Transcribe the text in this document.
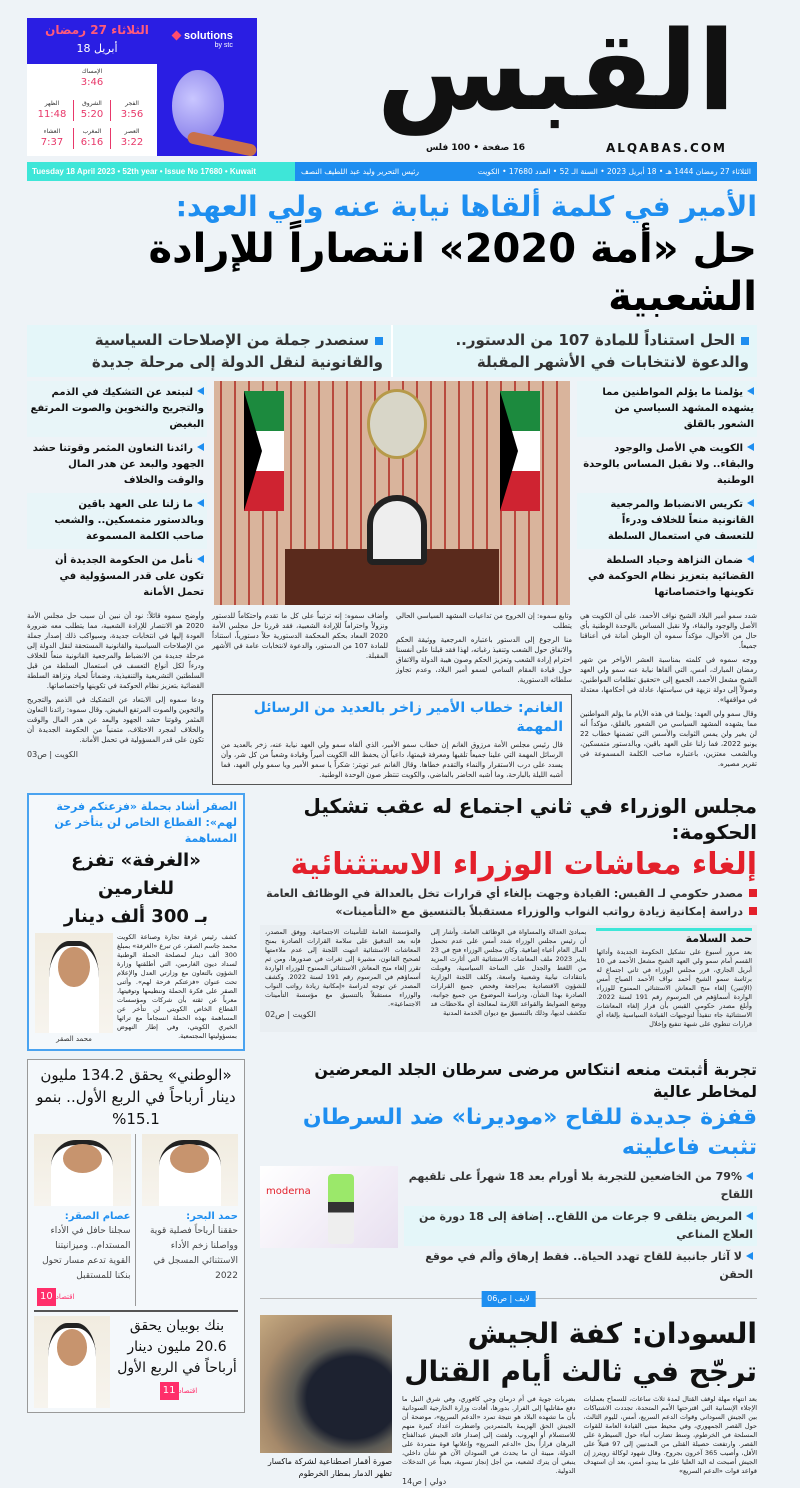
الثلاثاء 27 رمضان
18 أبريل
solutions
by stc
الإمساك
3:46
الفجر
3:56
الشروق
5:20
الظهر
11:48
العصر
3:22
المغرب
6:16
العشاء
7:37
القبس
ALQABAS.COM
16 صفحة • 100 فلس
Tuesday 18 April 2023 • 52th year • Issue No 17680 • Kuwait	الثلاثاء 27 رمضان 1444 هـ • 18 أبريل 2023 • السنة الـ 52 • العدد 17680 • الكويت
رئيس التحرير وليد عبد اللطيف النصف
الأمير في كلمة ألقاها نيابة عنه ولي العهد:
حل «أمة 2020» انتصاراً للإرادة الشعبية
الحل استناداً للمادة 107 من الدستور.. والدعوة لانتخابات في الأشهر المقبلة
سنصدر جملة من الإصلاحات السياسية والقانونية لنقل الدولة إلى مرحلة جديدة
لنبتعد عن التشكيك في الذمم والتجريح والتخوين والصوت المرتفع البغيض
رائدنا التعاون المثمر وقوتنا حشد الجهود والبعد عن هدر المال والوقت والخلاف
ما زلنا على العهد باقين وبالدستور متمسكين.. والشعب صاحب الكلمة المسموعة
نأمل من الحكومة الجديدة أن تكون على قدر المسؤولية في تحمل الأمانة
يؤلمنا ما يؤلم المواطنين مما يشهده المشهد السياسي من الشعور بالقلق
الكويت هي الأصل والوجود والبقاء.. ولا نقبل المساس بالوحدة الوطنية
تكريس الانضباط والمرجعية القانونية منعاً للخلاف ودرءاً للتعسف في استعمال السلطة
ضمان النزاهة وحياد السلطة القضائية بتعزيز نظام الحوكمة في تكوينها واختصاصاتها

شدد سمو أمير البلاد الشيخ نواف الأحمد، على أن الكويت هي الأصل والوجود والبقاء، ولا نقبل المساس بالوحدة الوطنية بأي حال من الأحوال، مؤكداً سموه أن الوطن أمانة في أعناقنا جميعاً.

ووجه سموه في كلمته بمناسبة العشر الأواخر من شهر رمضان المبارك، أمس، التي ألقاها نيابة عنه سمو ولي العهد الشيخ مشعل الأحمد، الجميع إلى «تحقيق تطلعات المواطنين، وصولاً إلى دولة نزيهة في سياستها، عادلة في أحكامها، معتدلة في مواقفها».

وقال سمو ولي العهد: يؤلمنا في هذه الأيام ما يؤلم المواطنين مما يشهده المشهد السياسي من الشعور بالقلق، مؤكداً أنه لن يغير ولن يمس الثوابت والأسس التي تضمنها خطاب 22 يونيو 2022، فما زلنا على العهد باقين، وبالدستور متمسكين، وبالشعب معتزين، باعتباره صاحب الكلمة المسموعة في تقرير مصيره.

وتابع سموه: إن الخروج من تداعيات المشهد السياسي الحالي يتطلب

منا الرجوع إلى الدستور باعتباره المرجعية ووثيقة الحكم والاتفاق حول الشعب وتنفيذ رغباته، لهذا فقد قبلنا على أنفسنا احترام إرادة الشعب وتعزيز الحكم وصون هيبة الدولة والاتفاق حول قيادة المقام السامي لسمو أمير البلاد، وعدم تجاوز سلطاته الدستورية.

وأضاف سموه: إنه ترتيباً على كل ما تقدم واحتكاماً للدستور ونزولاً واحتراماً للإرادة الشعبية، فقد قررنا حل مجلس الأمة 2020 المعاد بحكم المحكمة الدستورية حلاً دستورياً، استناداً للمادة 107 من الدستور، والدعوة لانتخابات عامة في الأشهر المقبلة.

الغانم: خطاب الأمير زاخر بالعديد من الرسائل المهمة
قال رئيس مجلس الأمة مرزوق الغانم إن خطاب سمو الأمير، الذي ألقاه سمو ولي العهد نيابة عنه، زخر بالعديد من الرسائل المهمة التي علينا جميعاً تلقيها ومعرفة قيمتها، داعياً أن يحفظ الله الكويت أميراً وقيادة وشعباً من كل شر، وأن يسدد على درب الاستقرار والنماء والتقدم خطاها. وقال الغانم عبر تويتر: شكراً يا سمو الأمير ويا سمو ولي العهد، فما أشبه الليلة بالبارحة، وما أشبه الحاضر بالماضي، والكويت تنتظر صون الوحدة الوطنية.

وأوضح سموه قائلاً: نود أن نبين أن سبب حل مجلس الأمة 2020 هو الانتصار للإرادة الشعبية، مما يتطلب معه ضرورة العودة إليها في انتخابات جديدة، وسيواكب ذلك إصدار جملة من الإصلاحات السياسية والقانونية المستحقة لنقل الدولة إلى مرحلة جديدة من الانضباط والمرجعية القانونية منعاً للخلاف ودرءاً لكل أنواع التعسف في استعمال السلطة من قبل السلطتين التشريعية والتنفيذية، وضماناً لحياد ونزاهة السلطة القضائية بتعزيز نظام الحوكمة في تكوينها واختصاصاتها.

ودعا سموه إلى الابتعاد عن التشكيك في الذمم والتجريح والتخوين والصوت المرتفع البغيض، وقال سموه: رائدنا التعاون المثمر وقوتنا حشد الجهود والبعد عن هدر المال والوقت والخلاف لمجرد الاختلاف، متمنياً من الحكومة الجديدة أن تكون على قدر المسؤولية في تحمل الأمانة.

الكويت | ص03
الصقر أشاد بحملة «فزعتكم فرحة لهم»: القطاع الخاص لن يتأخر عن المساهمة
«الغرفة» تفزع للغارمين
بـ 300 ألف دينار
كشف رئيس غرفة تجارة وصناعة الكويت محمد جاسم الصقر، عن تبرع «الغرفة» بمبلغ 300 ألف دينار لمصلحة الحملة الوطنية لسداد ديون الغارمين، التي أطلقتها وزارة الشؤون بالتعاون مع وزارتي العدل والإعلام تحت عنوان «فزعتكم فرحة لهم». وأثنى الصقر على فكرة الحملة وتنظيمها وتوقيتها، معرباً عن ثقته بأن شركات ومؤسسات القطاع الخاص الكويتي لن تتأخر عن المساهمة بهذه الحملة انسجاماً مع تراثها الخيري الكويتي، وفي إطار النهوض بمسؤوليتها المجتمعية.
محمد الصقر
مجلس الوزراء في ثاني اجتماع له عقب تشكيل الحكومة:
إلغاء معاشات الوزراء الاستثنائية
مصدر حكومي لـ القبس: القيادة وجهت بإلغاء أي قرارات تخل بالعدالة في الوظائف العامة
دراسة إمكانية زيادة رواتب النواب والوزراء مستقبلاً بالتنسيق مع «التأمينات»
حمد السلامة
بعد مرور أسبوع على تشكيل الحكومة الجديدة وأدائها القسم أمام سمو ولي العهد الشيخ مشعل الأحمد في 10 أبريل الجاري، قرر مجلس الوزراء في ثاني اجتماع له برئاسة سمو الشيخ أحمد نواف الأحمد الصباح أمس (الإثنين) إلغاء منح المعاش الاستثنائي الممنوح للوزراء الواردة أسماؤهم في المرسوم رقم 191 لسنة 2022. وأبلغ مصدر حكومي القبس بأن قرار إلغاء المعاشات الاستثنائية جاء تنفيذاً لتوجيهات القيادة السياسية بإلغاء أي قرارات تنطوي على شبهة تنفيع وإخلال
بمبادئ العدالة والمساواة في الوظائف العامة. وأشار إلى أن رئيس مجلس الوزراء شدد أمس على عدم تحميل المال العام أعباء إضافية. وكان مجلس الوزراء فتح في 23 يناير 2023 ملف المعاشات الاستثنائية التي أثارت المزيد من اللغط والجدل على الساحة السياسية، وقوبلت بانتقادات نيابية وشعبية واسعة، وكلف اللجنة الوزارية للشؤون الاقتصادية بمراجعة وفحص جميع القرارات الصادرة بهذا الشأن، ودراسة الموضوع من جميع جوانبه، ووضع الضوابط والقواعد اللازمة لمعالجة أي ملاحظات قد تتكشف لديها، وذلك بالتنسيق مع ديوان الخدمة المدنية
والمؤسسة العامة للتأمينات الاجتماعية. ووفق المصدر، فإنه بعد التدقيق على سلامة القرارات الصادرة بمنح المعاشات الاستثنائية انتهت اللجنة إلى عدم ملاءمتها لصحيح القانون، مشيرة إلى ثغرات في صدورها، ومن ثم تقرر إلغاء منح المعاش الاستثنائي الممنوح للوزراء الواردة أسماؤهم في المرسوم رقم 191 لسنة 2022. وكشف المصدر عن توجه لدراسة «إمكانية زيادة رواتب النواب والوزراء مستقبلاً بالتنسيق مع مؤسسة التأمينات الاجتماعية».
الكويت | ص02
«الوطني» يحقق 134.2 مليون دينار أرباحاً في الربع الأول.. بنمو 15.1%
حمد البحر:
حققنا أرباحاً فصلية قوية وواصلنا زخم الأداء الاستثنائي المسجل في 2022
عصام الصقر:
سجلنا حافل في الأداء المستدام.. وميزانيتنا القوية تدعم مسار تحول بنكنا للمستقبل
10 اقتصاد
بنك بوبيان يحقق 20.6 مليون دينار أرباحاً في الربع الأول
11 اقتصاد
تجربة أثبتت منعه انتكاس مرضى سرطان الجلد المعرضين لمخاطر عالية
قفزة جديدة للقاح «موديرنا» ضد السرطان تثبت فاعليته
moderna
79% من الخاضعين للتجربة بلا أورام بعد 18 شهراً على تلقيهم اللقاح
المريض يتلقى 9 جرعات من اللقاح.. إضافة إلى 18 دورة من العلاج المناعي
لا آثار جانبية للقاح تهدد الحياة.. فقط إرهاق وألم في موقع الحقن
لايف | ص06
صورة أقمار اصطناعية لشركة ماكسار تظهر الدمار بمطار الخرطوم
السودان: كفة الجيش ترجّح في ثالث أيام القتال
بعد انتهاء مهلة لوقف القتال لمدة ثلاث ساعات، للسماح بعمليات الإجلاء الإنسانية التي اقترحتها الأمم المتحدة، تجددت الاشتباكات بين الجيش السوداني وقوات الدعم السريع، أمس، لليوم الثالث، حول القصر الجمهوري، وفي محيط مبنى القيادة العامة للقوات المسلحة في الخرطوم، وسط تضارب أنباء حول السيطرة على القصر. وارتفعت حصيلة القتلى من المدنيين إلى 97 قتيلاً على الأقل، وأصيب 365 آخرون بجروح. وقال شهود لوكالة رويترز إن الجيش أصبحت له اليد العليا على ما يبدو، أمس، بعد أن استهدف قواعد قوات «الدعم السريع»
بضربات جوية في أم درمان وحي كافوري، وفي شرق النيل ما دفع مقاتليها إلى الفرار. بدورها، أفادت وزارة الخارجية السودانية بأن ما تشهده البلاد هو نتيجة تمرد «الدعم السريع»، موضحة أن الجيش الحق الهزيمة بالمتمردين واضطرت أعداد كبيرة منهم للاستسلام أو الهروب. ولفتت إلى إصدار قائد الجيش عبدالفتاح البرهان قراراً بحل «الدعم السريع» وإعلانها قوة متمردة على الدولة، مبينة أن ما يحدث في السودان الآن هو شأن داخلي، ينبغي أن يترك لشعبه، من أجل إنجاز تسوية، بعيداً عن التدخلات الدولية.
دولي | ص14
